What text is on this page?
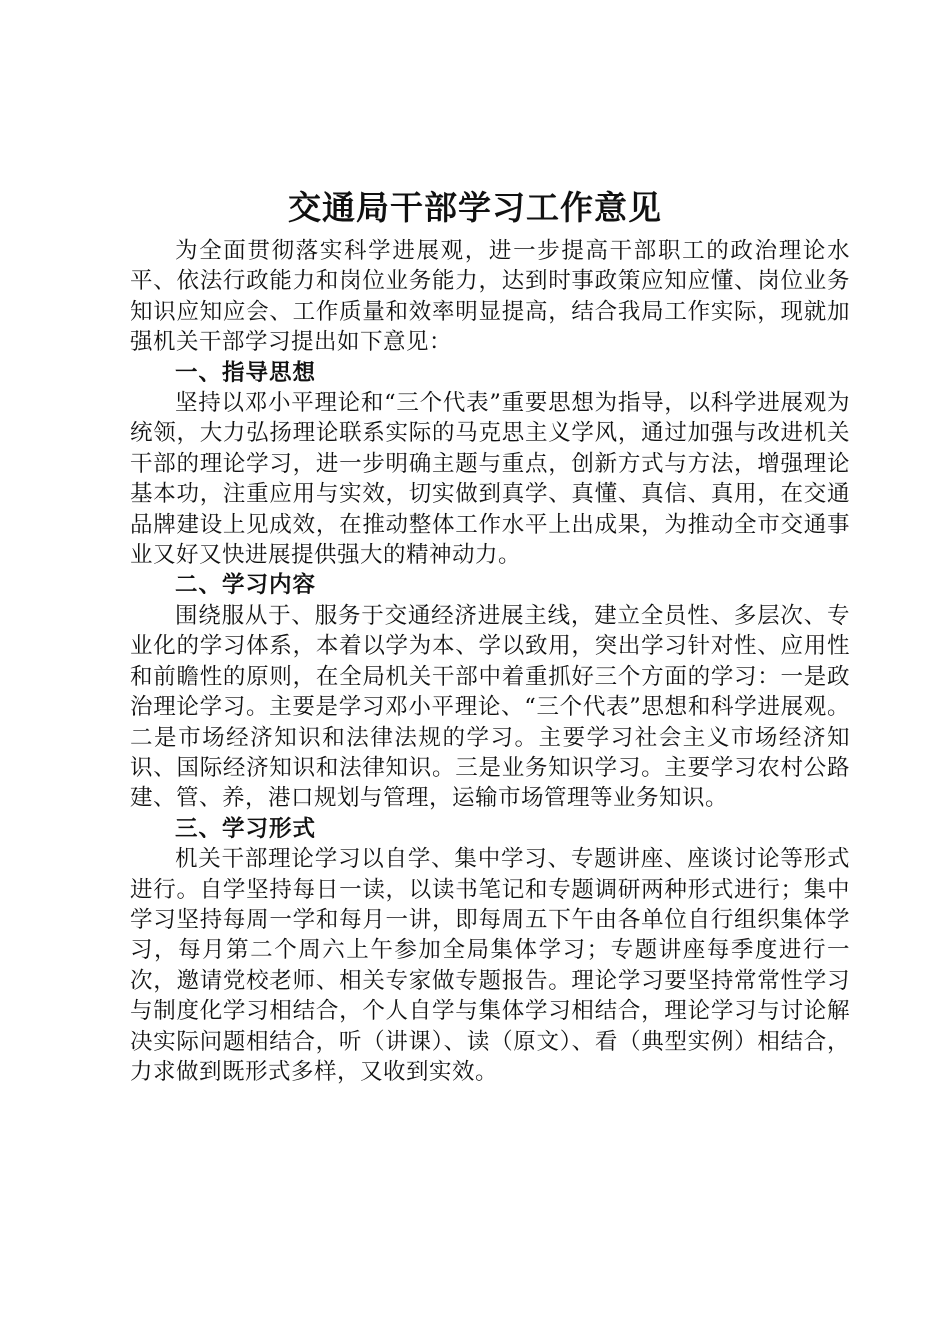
交通局干部学习工作意见

为全面贯彻落实科学进展观，进一步提高干部职工的政治理论水平、依法行政能力和岗位业务能力，达到时事政策应知应懂、岗位业务知识应知应会、工作质量和效率明显提高，结合我局工作实际，现就加强机关干部学习提出如下意见：

一、指导思想

坚持以邓小平理论和“三个代表”重要思想为指导，以科学进展观为统领，大力弘扬理论联系实际的马克思主义学风，通过加强与改进机关干部的理论学习，进一步明确主题与重点，创新方式与方法，增强理论基本功，注重应用与实效，切实做到真学、真懂、真信、真用，在交通品牌建设上见成效，在推动整体工作水平上出成果，为推动全市交通事业又好又快进展提供强大的精神动力。

二、学习内容

围绕服从于、服务于交通经济进展主线，建立全员性、多层次、专业化的学习体系，本着以学为本、学以致用，突出学习针对性、应用性和前瞻性的原则，在全局机关干部中着重抓好三个方面的学习：一是政治理论学习。主要是学习邓小平理论、“三个代表”思想和科学进展观。二是市场经济知识和法律法规的学习。主要学习社会主义市场经济知识、国际经济知识和法律知识。三是业务知识学习。主要学习农村公路建、管、养，港口规划与管理，运输市场管理等业务知识。

三、学习形式

机关干部理论学习以自学、集中学习、专题讲座、座谈讨论等形式进行。自学坚持每日一读，以读书笔记和专题调研两种形式进行；集中学习坚持每周一学和每月一讲，即每周五下午由各单位自行组织集体学习，每月第二个周六上午参加全局集体学习；专题讲座每季度进行一次，邀请党校老师、相关专家做专题报告。理论学习要坚持常常性学习与制度化学习相结合，个人自学与集体学习相结合，理论学习与讨论解决实际问题相结合，听（讲课）、读（原文）、看（典型实例）相结合，力求做到既形式多样，又收到实效。
